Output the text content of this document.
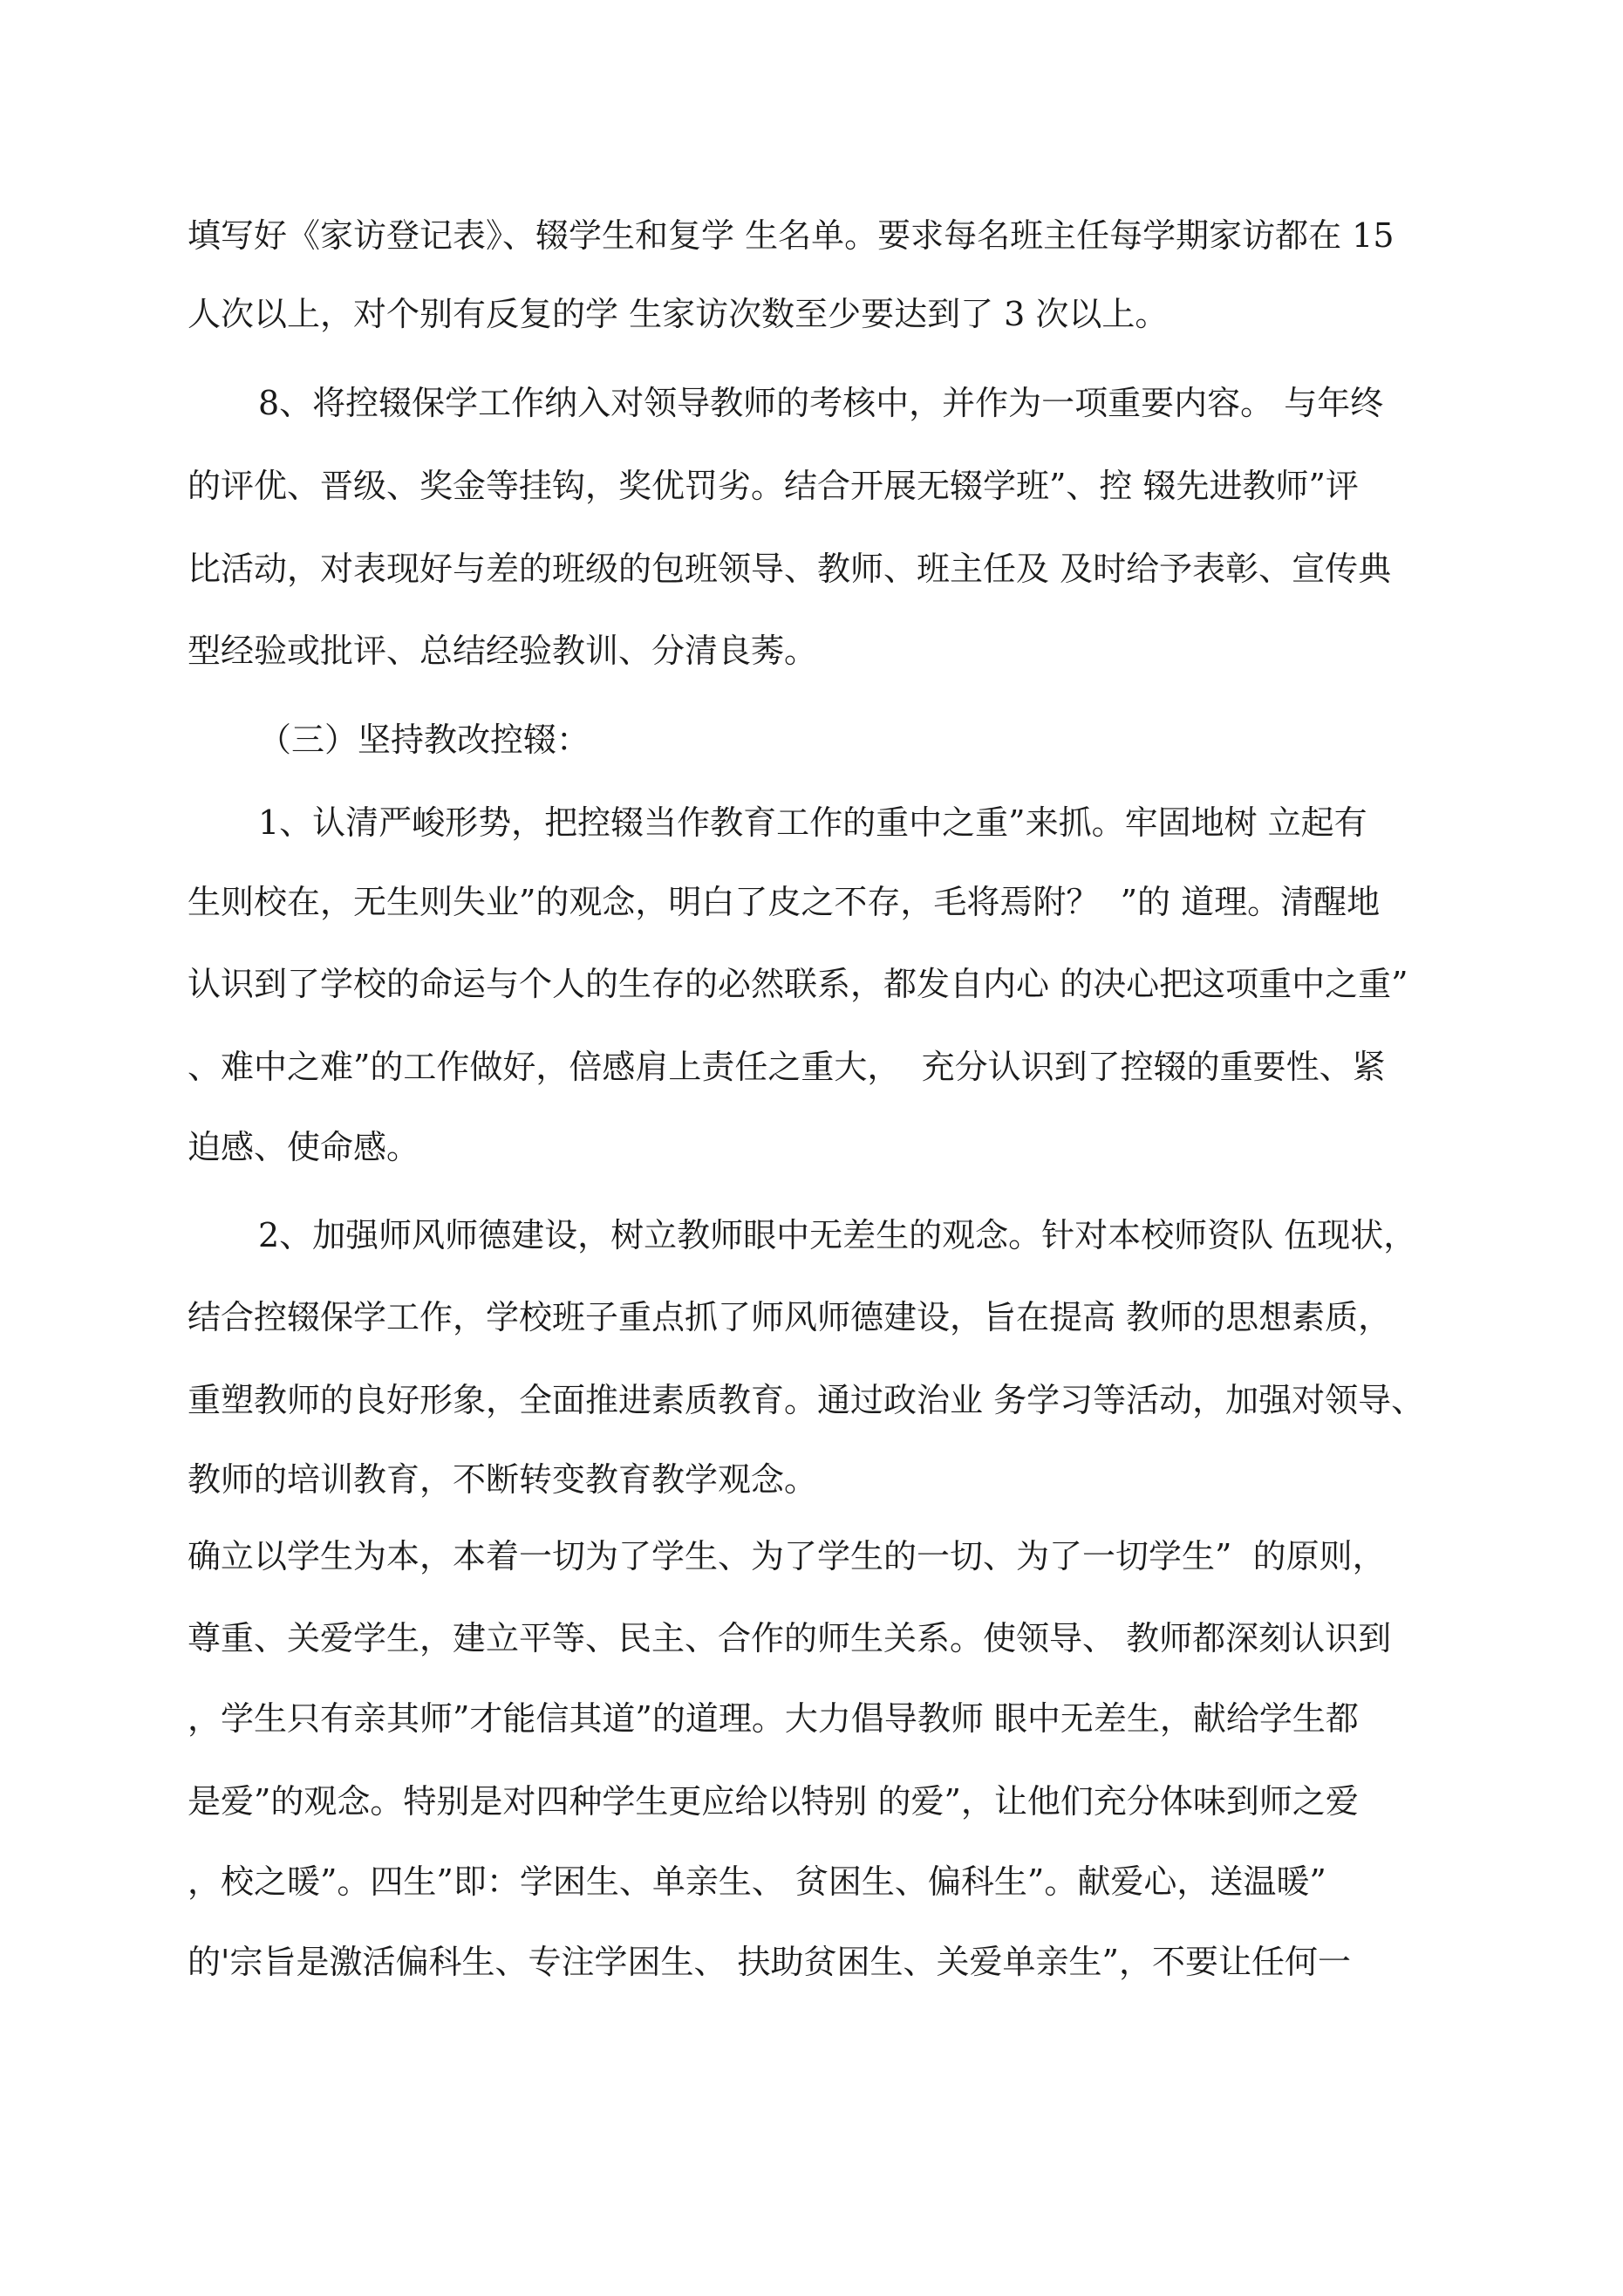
填写好《家访登记表》、辍学生和复学 生名单。要求每名班主任每学期家访都在 15
人次以上，对个别有反复的学 生家访次数至少要达到了 3 次以上。
8、将控辍保学工作纳入对领导教师的考核中，并作为一项重要内容。 与年终
的评优、晋级、奖金等挂钩，奖优罚劣。结合开展无辍学班”、控 辍先进教师”评
比活动，对表现好与差的班级的包班领导、教师、班主任及 及时给予表彰、宣传典
型经验或批评、总结经验教训、分清良莠。
（三）坚持教改控辍：
1、认清严峻形势，把控辍当作教育工作的重中之重”来抓。牢固地树 立起有
生则校在，无生则失业”的观念，明白了皮之不存，毛将焉附？  ”的 道理。清醒地
认识到了学校的命运与个人的生存的必然联系，都发自内心 的决心把这项重中之重”
、难中之难”的工作做好，倍感肩上责任之重大，  充分认识到了控辍的重要性、紧
迫感、使命感。
2、加强师风师德建设，树立教师眼中无差生的观念。针对本校师资队 伍现状，
结合控辍保学工作，学校班子重点抓了师风师德建设，旨在提高 教师的思想素质，
重塑教师的良好形象，全面推进素质教育。通过政治业 务学习等活动，加强对领导、
教师的培训教育，不断转变教育教学观念。
确立以学生为本，本着一切为了学生、为了学生的一切、为了一切学生”  的原则，
尊重、关爱学生，建立平等、民主、合作的师生关系。使领导、 教师都深刻认识到
，学生只有亲其师”才能信其道”的道理。大力倡导教师 眼中无差生，献给学生都
是爱”的观念。特别是对四种学生更应给以特别 的爱”，让他们充分体味到师之爱
，校之暖”。四生”即：学困生、单亲生、 贫困生、偏科生”。献爱心，送温暖”
的'宗旨是激活偏科生、专注学困生、 扶助贫困生、关爱单亲生”，不要让任何一
